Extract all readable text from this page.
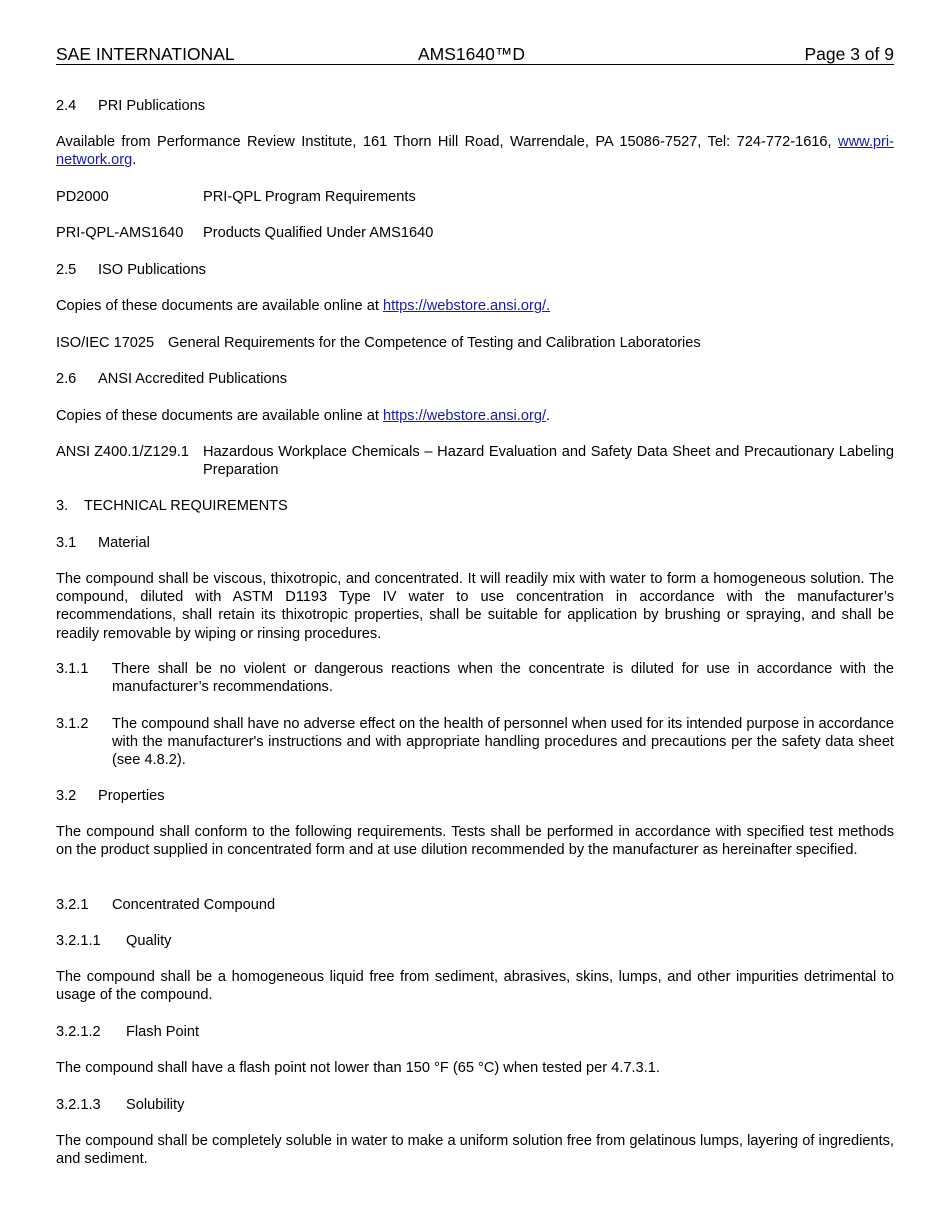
SAE INTERNATIONAL	AMS1640™D	Page 3 of 9
2.4 PRI Publications
Available from Performance Review Institute, 161 Thorn Hill Road, Warrendale, PA 15086-7527, Tel: 724-772-1616, www.pri-network.org.
PD2000	PRI-QPL Program Requirements
PRI-QPL-AMS1640 Products Qualified Under AMS1640
2.5 ISO Publications
Copies of these documents are available online at https://webstore.ansi.org/.
ISO/IEC 17025 General Requirements for the Competence of Testing and Calibration Laboratories
2.6 ANSI Accredited Publications
Copies of these documents are available online at https://webstore.ansi.org/.
ANSI Z400.1/Z129.1 Hazardous Workplace Chemicals – Hazard Evaluation and Safety Data Sheet and Precautionary Labeling Preparation
3. TECHNICAL REQUIREMENTS
3.1 Material
The compound shall be viscous, thixotropic, and concentrated. It will readily mix with water to form a homogeneous solution. The compound, diluted with ASTM D1193 Type IV water to use concentration in accordance with the manufacturer’s recommendations, shall retain its thixotropic properties, shall be suitable for application by brushing or spraying, and shall be readily removable by wiping or rinsing procedures.
3.1.1 There shall be no violent or dangerous reactions when the concentrate is diluted for use in accordance with the manufacturer’s recommendations.
3.1.2 The compound shall have no adverse effect on the health of personnel when used for its intended purpose in accordance with the manufacturer's instructions and with appropriate handling procedures and precautions per the safety data sheet (see 4.8.2).
3.2 Properties
The compound shall conform to the following requirements. Tests shall be performed in accordance with specified test methods on the product supplied in concentrated form and at use dilution recommended by the manufacturer as hereinafter specified.
3.2.1 Concentrated Compound
3.2.1.1 Quality
The compound shall be a homogeneous liquid free from sediment, abrasives, skins, lumps, and other impurities detrimental to usage of the compound.
3.2.1.2 Flash Point
The compound shall have a flash point not lower than 150 °F (65 °C) when tested per 4.7.3.1.
3.2.1.3 Solubility
The compound shall be completely soluble in water to make a uniform solution free from gelatinous lumps, layering of ingredients, and sediment.
